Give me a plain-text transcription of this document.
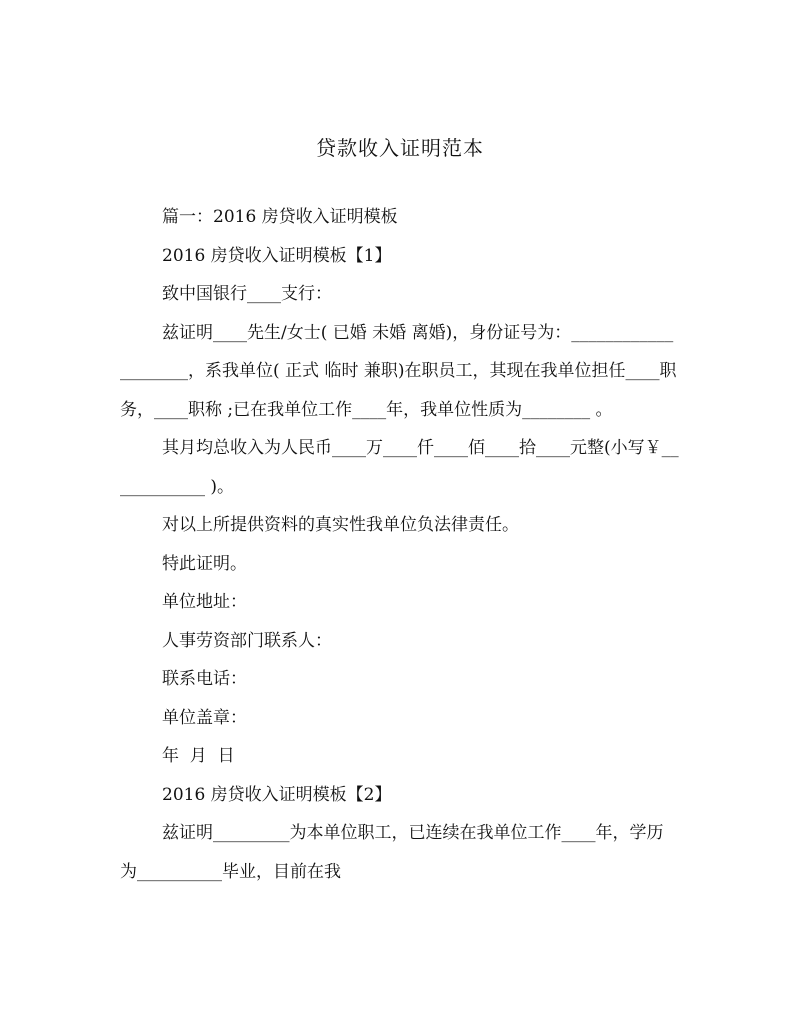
贷款收入证明范本

篇一：2016 房贷收入证明模板

2016 房贷收入证明模板【1】

致中国银行____支行：

兹证明____先生/女士( 已婚 未婚 离婚)，身份证号为：____________________，系我单位( 正式 临时 兼职)在职员工，其现在我单位担任____职务，____职称 ;已在我单位工作____年，我单位性质为________ 。

其月均总收入为人民币____万____仟____佰____拾____元整(小写￥____________ )。

对以上所提供资料的真实性我单位负法律责任。

特此证明。

单位地址：

人事劳资部门联系人：

联系电话：

单位盖章：

年  月  日

2016 房贷收入证明模板【2】

兹证明_________为本单位职工，已连续在我单位工作____年，学历为__________毕业，目前在我
